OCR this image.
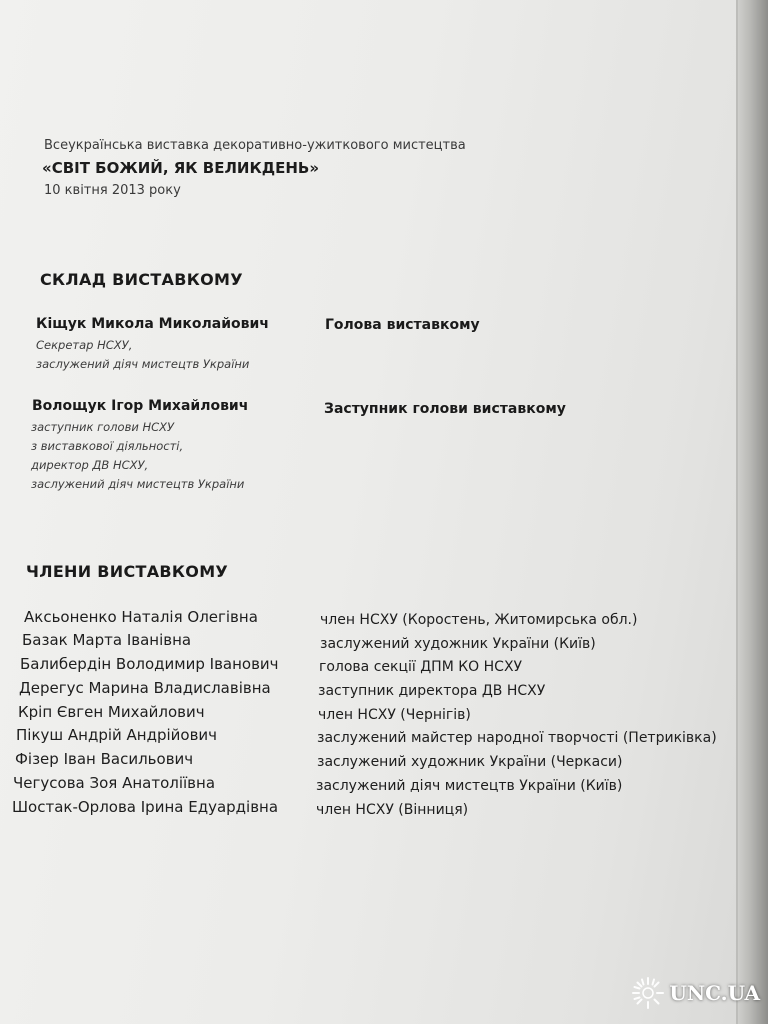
Всеукраїнська виставка декоративно-ужиткового мистецтва
«СВІТ БОЖИЙ, ЯК ВЕЛИКДЕНЬ»
10 квітня 2013 року
СКЛАД ВИСТАВКОМУ
Кіщук Микола Миколайович	Голова виставкому
Секретар НСХУ,
заслужений діяч мистецтв України
Волощук Ігор Михайлович	Заступник голови виставкому
заступник голови НСХУ
з виставкової діяльності,
директор ДВ НСХУ,
заслужений діяч мистецтв України
ЧЛЕНИ ВИСТАВКОМУ
Аксьоненко Наталія Олегівна	член НСХУ (Коростень, Житомирська обл.)
Базак Марта Іванівна	заслужений художник України (Київ)
Балибердін Володимир Іванович	голова секції ДПМ КО НСХУ
Дерегус Марина Владиславівна	заступник директора ДВ НСХУ
Кріп Євген Михайлович	член НСХУ (Чернігів)
Пікуш Андрій Андрійович	заслужений майстер народної творчості (Петриківка)
Фізер Іван Васильович	заслужений художник України (Черкаси)
Чегусова Зоя Анатоліївна	заслужений діяч мистецтв України (Київ)
Шостак-Орлова Ірина Едуардівна	член НСХУ (Вінниця)
UNC.UA
